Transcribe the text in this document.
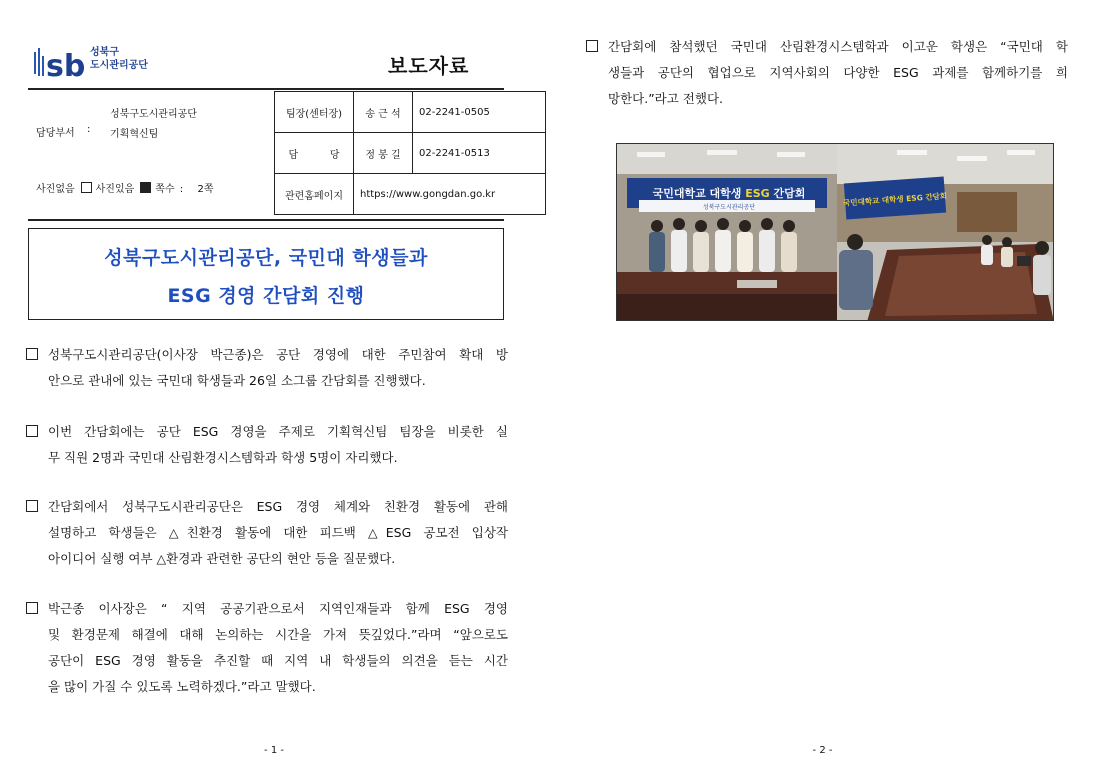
sb 성북구
도시관리공단	보도자료
담당부서 :
성북구도시관리공단
기획혁신팀
팀장(센터장)	송 근 석	02-2241-0505
담          당	정 봉 길	02-2241-0513
관련홈페이지	https://www.gongdan.go.kr	
사진없음 사진있음 쪽수 : 2쪽
성북구도시관리공단, 국민대 학생들과
ESG 경영 간담회 진행
성북구도시관리공단(이사장 박근종)은 공단 경영에 대한 주민참여 확대 방
안으로 관내에 있는 국민대 학생들과 26일 소그룹 간담회를 진행했다.
이번 간담회에는 공단 ESG 경영을 주제로 기획혁신팀 팀장을 비롯한 실
무 직원 2명과 국민대 산림환경시스템학과 학생 5명이 자리했다.
간담회에서 성북구도시관리공단은 ESG 경영 체계와 친환경 활동에 관해
설명하고 학생들은 △친환경 활동에 대한 피드백 △ESG 공모전 입상작
아이디어 실행 여부 △환경과 관련한 공단의 현안 등을 질문했다.
박근종 이사장은 “ 지역 공공기관으로서 지역인재들과 함께 ESG 경영
및 환경문제 해결에 대해 논의하는 시간을 가져 뜻깊었다.”라며 “앞으로도
공단이 ESG 경영 활동을 추진할 때 지역 내 학생들의 의견을 듣는 시간
을 많이 가질 수 있도록 노력하겠다.”라고 말했다.
- 1 -
간담회에 참석했던 국민대 산림환경시스템학과 이고운 학생은 “국민대 학
생들과 공단의 협업으로 지역사회의 다양한 ESG 과제를 함께하기를 희
망한다.”라고 전했다.
국민대학교 대학생 ESG 간담회
성북구도시관리공단	국민대학교 대학생 ESG 간담회
- 2 -
